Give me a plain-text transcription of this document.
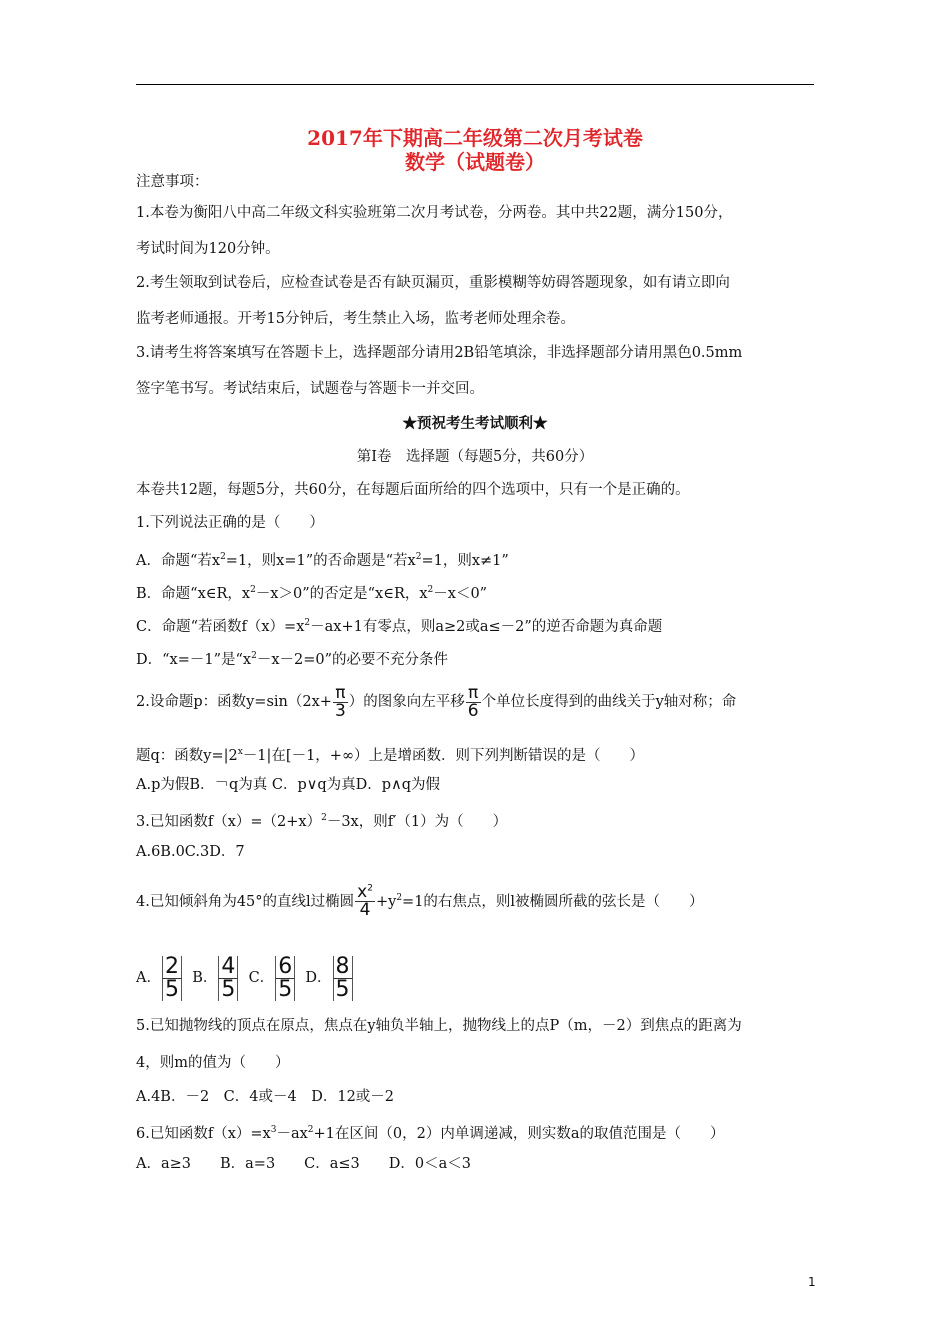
2017年下期高二年级第二次月考试卷
数学（试题卷）
注意事项：
1.本卷为衡阳八中高二年级文科实验班第二次月考试卷，分两卷。其中共22题，满分150分，
考试时间为120分钟。
2.考生领取到试卷后，应检查试卷是否有缺页漏页，重影模糊等妨碍答题现象，如有请立即向
监考老师通报。开考15分钟后，考生禁止入场，监考老师处理余卷。
3.请考生将答案填写在答题卡上，选择题部分请用2B铅笔填涂，非选择题部分请用黑色0.5mm
签字笔书写。考试结束后，试题卷与答题卡一并交回。
★预祝考生考试顺利★
第Ⅰ卷　选择题（每题5分，共60分）
本卷共12题，每题5分，共60分，在每题后面所给的四个选项中，只有一个是正确的。
1.下列说法正确的是（　　）
A．命题“若$x^2=1$，则x=1”的否命题是“若$x^2=1$，则x≠1”
B．命题“x∈R，$x^2-x>0$”的否定是“x∈R，$x^2-x<0$”
C．命题“若函数$f(x)=x^2-ax+1$有零点，则a≥2或a≤－2”的逆否命题为真命题
D．“x=－1”是“$x^2-x-2=0$”的必要不充分条件
2.设命题p：函数$y=\sin(2x+ \frac{\pi}{3}$ ）的图象向左平移 $\frac{\pi}{6}$ 个单位长度得到的曲线关于y轴对称；命
题q：函数$y=|2^x-1|$在[－1，+∞）上是增函数．则下列判断错误的是（　　）
A.p为假B．￢q为真 C．p∨q为真D．p∧q为假
3.已知函数$f(x)=(2+x)^2-3x$，则f′（1）为（　　）
A.6B.0C.3D．7
4.已知倾斜角为45°的直线l过椭圆 $\frac{x^2}{4} +y^2=1$的右焦点，则l被椭圆所截的弦长是（　　）
A． $\frac{2}{5}$ B． $\frac{4}{5}$ C． $\frac{6}{5}$ D． $\frac{8}{5}$
5.已知抛物线的顶点在原点，焦点在y轴负半轴上，抛物线上的点P（m，－2）到焦点的距离为
4，则m的值为（　　）
A.4B．－2　C．4或－4　D．12或－2
6.已知函数$f(x)=x^3-ax^2+1$在区间（0，2）内单调递减，则实数a的取值范围是（　　）
A．a≥3　　B．a=3　　C．a≤3　　D．0＜a＜3
1
